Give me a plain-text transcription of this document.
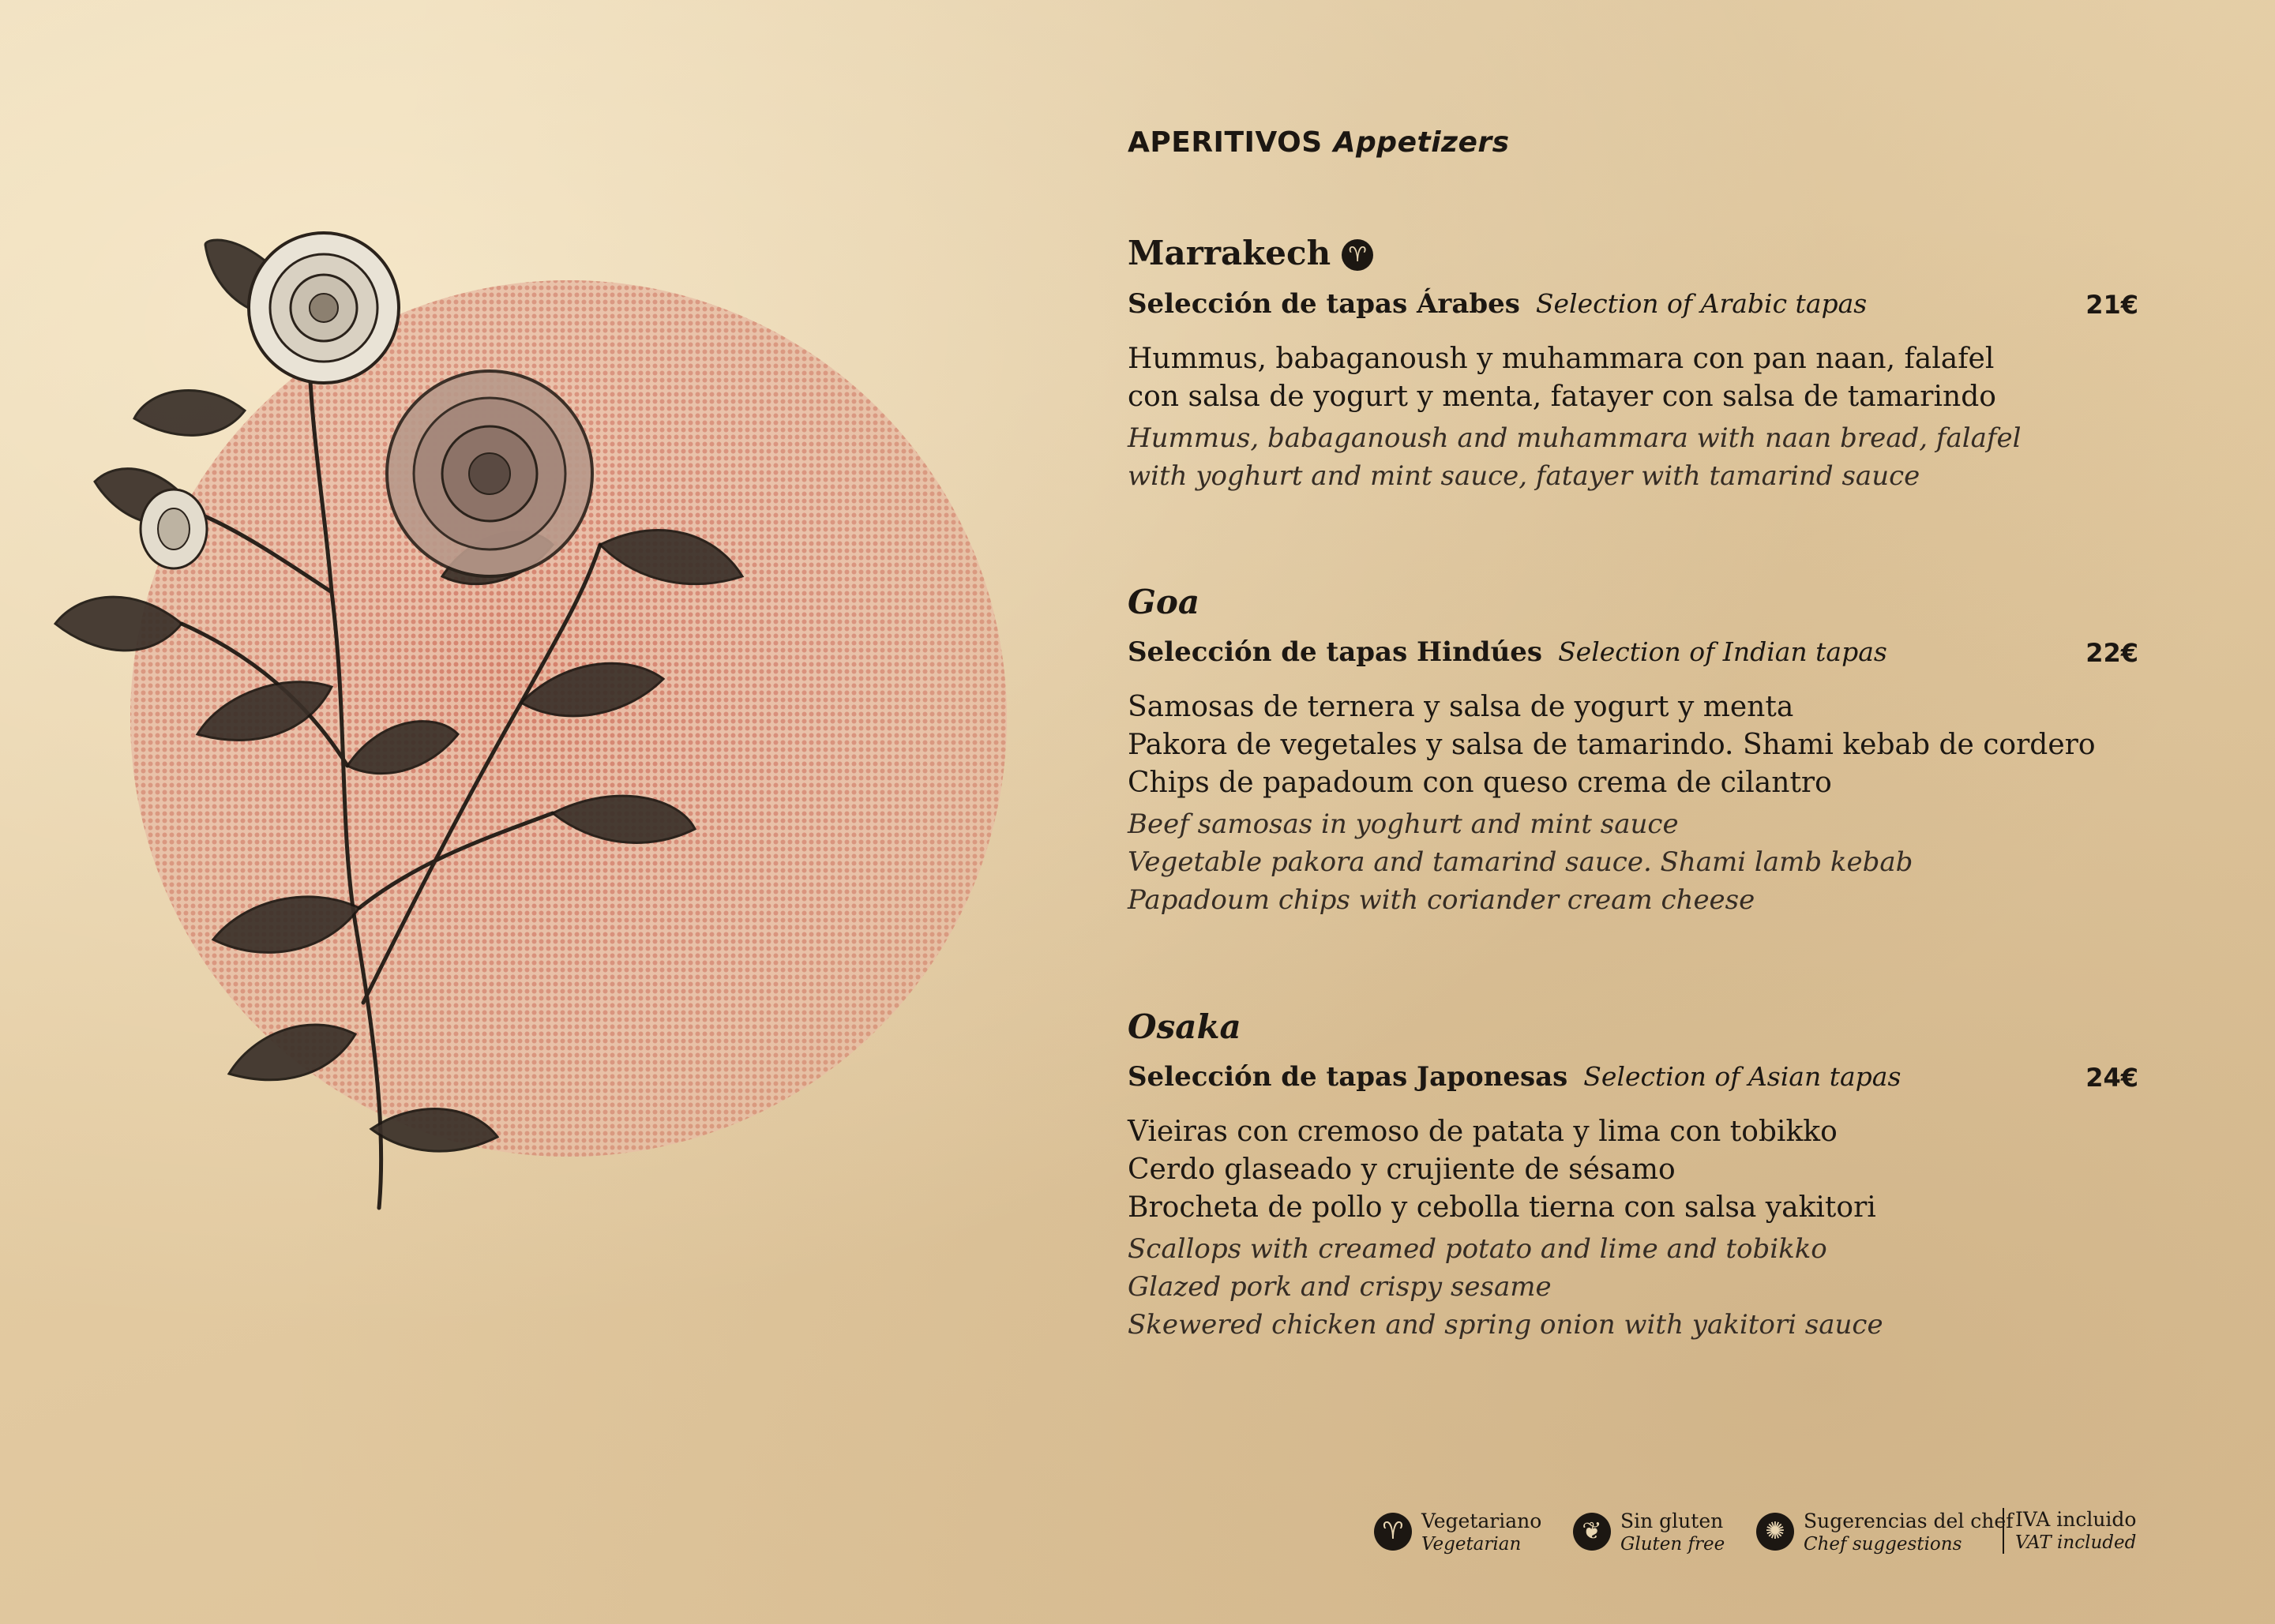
APERITIVOS Appetizers
Marrakech ♈
Selección de tapas Árabes Selection of Arabic tapas	21€
Hummus, babaganoush y muhammara con pan naan, falafel
con salsa de yogurt y menta, fatayer con salsa de tamarindo
Hummus, babaganoush and muhammara with naan bread, falafel
with yoghurt and mint sauce, fatayer with tamarind sauce
Goa
Selección de tapas Hindúes Selection of Indian tapas	22€
Samosas de ternera y salsa de yogurt y menta
Pakora de vegetales y salsa de tamarindo. Shami kebab de cordero
Chips de papadoum con queso crema de cilantro
Beef samosas in yoghurt and mint sauce
Vegetable pakora and tamarind sauce. Shami lamb kebab
Papadoum chips with coriander cream cheese
Osaka
Selección de tapas Japonesas Selection of Asian tapas	24€
Vieiras con cremoso de patata y lima con tobikko
Cerdo glaseado y crujiente de sésamo
Brocheta de pollo y cebolla tierna con salsa yakitori
Scallops with creamed potato and lime and tobikko
Glazed pork and crispy sesame
Skewered chicken and spring onion with yakitori sauce
♈ Vegetariano
Vegetarian	❦ Sin gluten
Gluten free	✺ Sugerencias del chef
Chef suggestions
IVA incluido
VAT included
